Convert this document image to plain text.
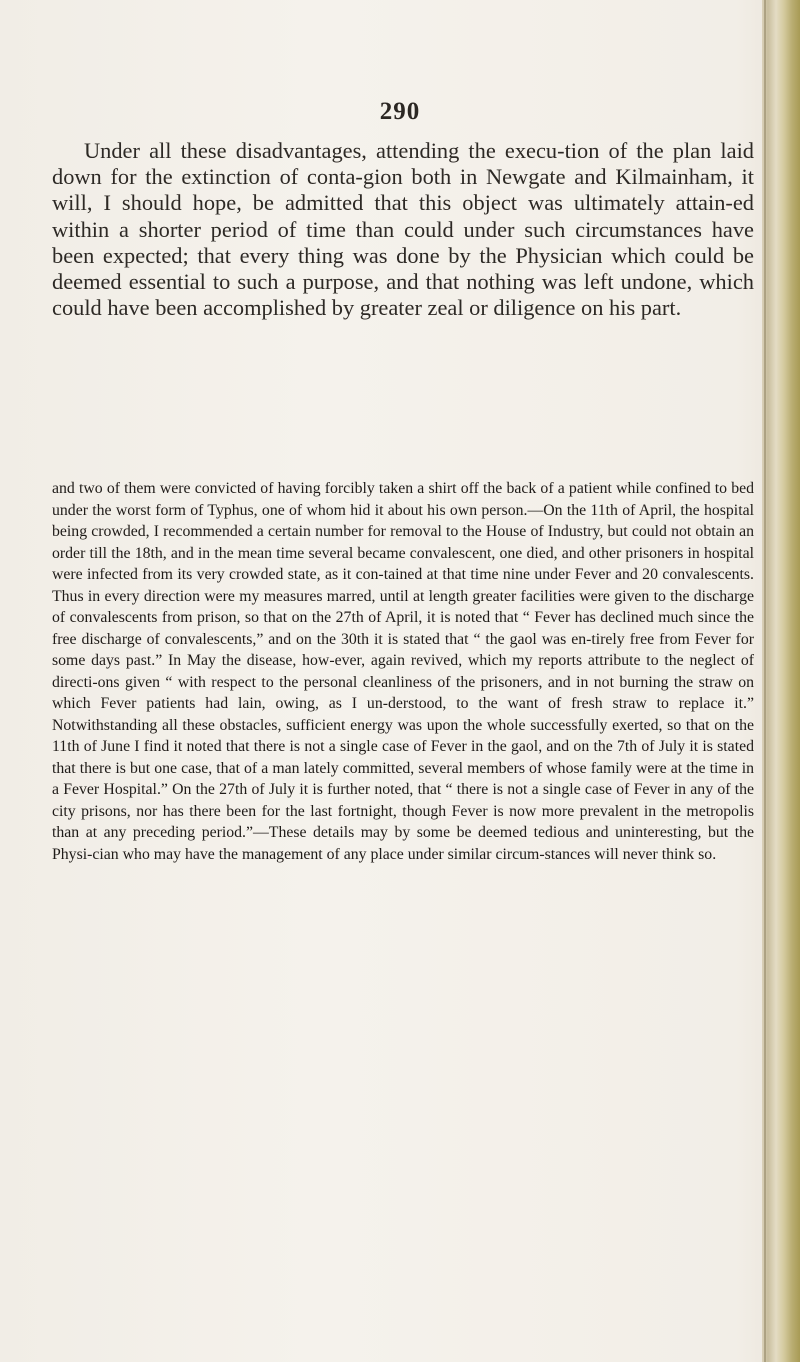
290

Under all these disadvantages, attending the execu-tion of the plan laid down for the extinction of conta-gion both in Newgate and Kilmainham, it will, I should hope, be admitted that this object was ultimately attain-ed within a shorter period of time than could under such circumstances have been expected; that every thing was done by the Physician which could be deemed essential to such a purpose, and that nothing was left undone, which could have been accomplished by greater zeal or diligence on his part.

and two of them were convicted of having forcibly taken a shirt off the back of a patient while confined to bed under the worst form of Typhus, one of whom hid it about his own person.—On the 11th of April, the hospital being crowded, I recommended a certain number for removal to the House of Industry, but could not obtain an order till the 18th, and in the mean time several became convalescent, one died, and other prisoners in hospital were infected from its very crowded state, as it con-tained at that time nine under Fever and 20 convalescents. Thus in every direction were my measures marred, until at length greater facilities were given to the discharge of convalescents from prison, so that on the 27th of April, it is noted that “ Fever has declined much since the free discharge of convalescents,” and on the 30th it is stated that “ the gaol was en-tirely free from Fever for some days past.” In May the disease, how-ever, again revived, which my reports attribute to the neglect of directi-ons given “ with respect to the personal cleanliness of the prisoners, and in not burning the straw on which Fever patients had lain, owing, as I un-derstood, to the want of fresh straw to replace it.” Notwithstanding all these obstacles, sufficient energy was upon the whole successfully exerted, so that on the 11th of June I find it noted that there is not a single case of Fever in the gaol, and on the 7th of July it is stated that there is but one case, that of a man lately committed, several members of whose family were at the time in a Fever Hospital.” On the 27th of July it is further noted, that “ there is not a single case of Fever in any of the city prisons, nor has there been for the last fortnight, though Fever is now more prevalent in the metropolis than at any preceding period.”—These details may by some be deemed tedious and uninteresting, but the Physi-cian who may have the management of any place under similar circum-stances will never think so.
